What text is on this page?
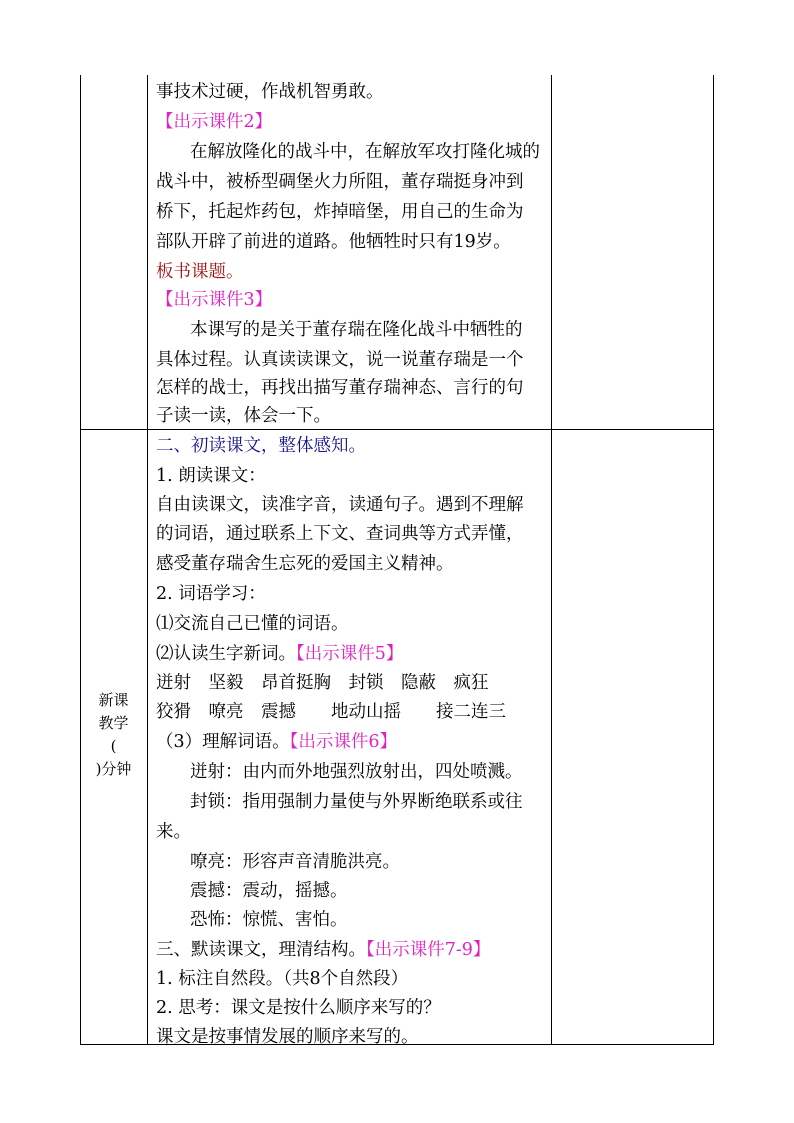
事技术过硬，作战机智勇敢。
【出示课件2】
在解放隆化的战斗中，在解放军攻打隆化城的
战斗中，被桥型碉堡火力所阻，董存瑞挺身冲到
桥下，托起炸药包，炸掉暗堡，用自己的生命为
部队开辟了前进的道路。他牺牲时只有19岁。
板书课题。
【出示课件3】
本课写的是关于董存瑞在隆化战斗中牺牲的
具体过程。认真读读课文，说一说董存瑞是一个
怎样的战士，再找出描写董存瑞神态、言行的句
子读一读，体会一下。
新课
教学
(
)分钟
二、初读课文，整体感知。
1. 朗读课文：
自由读课文，读准字音，读通句子。遇到不理解
的词语，通过联系上下文、查词典等方式弄懂，
感受董存瑞舍生忘死的爱国主义精神。
2. 词语学习：
⑴交流自己已懂的词语。
⑵认读生字新词。【出示课件5】
迸射　坚毅　昂首挺胸　封锁　隐蔽　疯狂
狡猾　嘹亮　震撼　　地动山摇　　接二连三
（3）理解词语。【出示课件6】
迸射：由内而外地强烈放射出，四处喷溅。
封锁：指用强制力量使与外界断绝联系或往
来。
嘹亮：形容声音清脆洪亮。
震撼：震动，摇撼。
恐怖：惊慌、害怕。
三、默读课文，理清结构。【出示课件7-9】
1. 标注自然段。（共8个自然段）
2. 思考：课文是按什么顺序来写的？
课文是按事情发展的顺序来写的。
